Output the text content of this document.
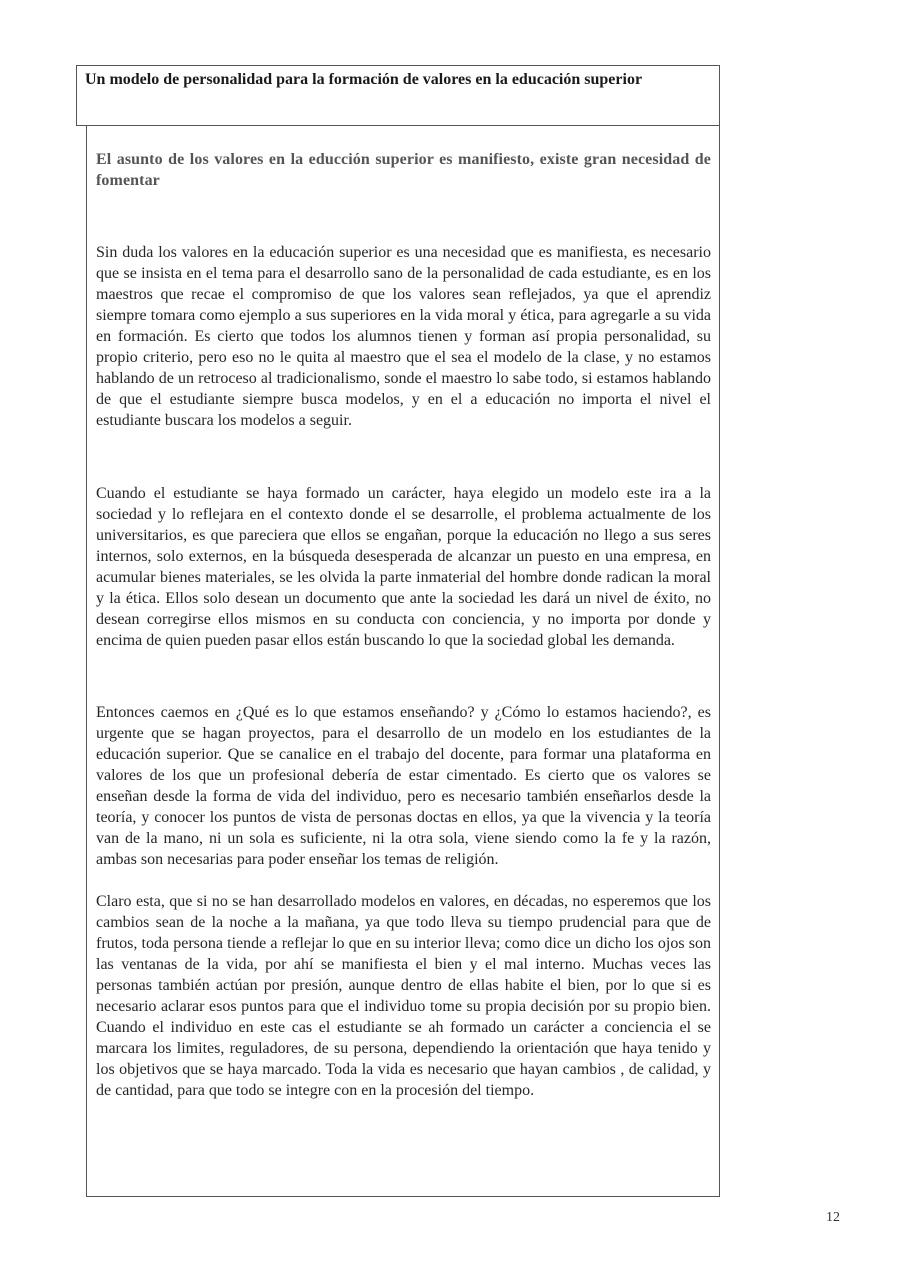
Un modelo de personalidad para la formación de valores en la educación superior

El asunto de los valores en la educción superior es manifiesto, existe gran necesidad de fomentar

Sin duda los valores en la educación superior es una necesidad que es manifiesta, es necesario que se insista en el tema para el desarrollo sano de la personalidad de cada estudiante, es en los maestros que recae el compromiso de que los valores sean reflejados, ya que el aprendiz siempre tomara como ejemplo a sus superiores en la vida moral y ética, para agregarle a su vida en formación. Es cierto que todos los alumnos tienen y forman así propia personalidad, su propio criterio, pero eso no le quita al maestro que el sea el modelo de la clase, y no estamos hablando de un retroceso al tradicionalismo, sonde el maestro lo sabe todo, si estamos hablando de que el estudiante siempre busca modelos, y en el a educación no importa el nivel el estudiante buscara los modelos a seguir.

Cuando el estudiante se haya formado un carácter, haya elegido un modelo este ira a la sociedad y lo reflejara en el contexto donde el se desarrolle, el problema actualmente de los universitarios, es que pareciera que ellos se engañan, porque la educación no llego a sus seres internos, solo externos, en la búsqueda desesperada de alcanzar un puesto en una empresa, en acumular bienes materiales, se les olvida la parte inmaterial del hombre donde radican la moral y la ética. Ellos solo desean un documento que ante la sociedad les dará un nivel de éxito, no desean corregirse ellos mismos en su conducta con conciencia, y no importa por donde y encima de quien pueden pasar ellos están buscando lo que la sociedad global les demanda.

Entonces caemos en ¿Qué es lo que estamos enseñando? y ¿Cómo lo estamos haciendo?, es urgente que se hagan proyectos, para el desarrollo de un modelo en los estudiantes de la educación superior. Que se canalice en el trabajo del docente, para formar una plataforma en valores de los que un profesional debería de estar cimentado. Es cierto que os valores se enseñan desde la forma de vida del individuo, pero es necesario también enseñarlos desde la teoría, y conocer los puntos de vista de personas doctas en ellos, ya que la vivencia y la teoría van de la mano, ni un sola es suficiente, ni la otra sola, viene siendo como la fe y la razón, ambas son necesarias para poder enseñar los temas de religión.

Claro esta, que si no se han desarrollado modelos en valores, en décadas, no esperemos que los cambios sean de la noche a la mañana, ya que todo lleva su tiempo prudencial para que de frutos, toda persona tiende a reflejar lo que en su interior lleva; como dice un dicho los ojos son las ventanas de la vida, por ahí se manifiesta el bien y el mal interno. Muchas veces las personas también actúan por presión, aunque dentro de ellas habite el bien, por lo que si es necesario aclarar esos puntos para que el individuo tome su propia decisión por su propio bien. Cuando el individuo en este cas el estudiante se ah formado un carácter a conciencia el se marcara los limites, reguladores, de su persona, dependiendo la orientación que haya tenido y los objetivos que se haya marcado. Toda la vida es necesario que hayan cambios , de calidad, y de cantidad, para que todo se integre con en la procesión del tiempo.

12
